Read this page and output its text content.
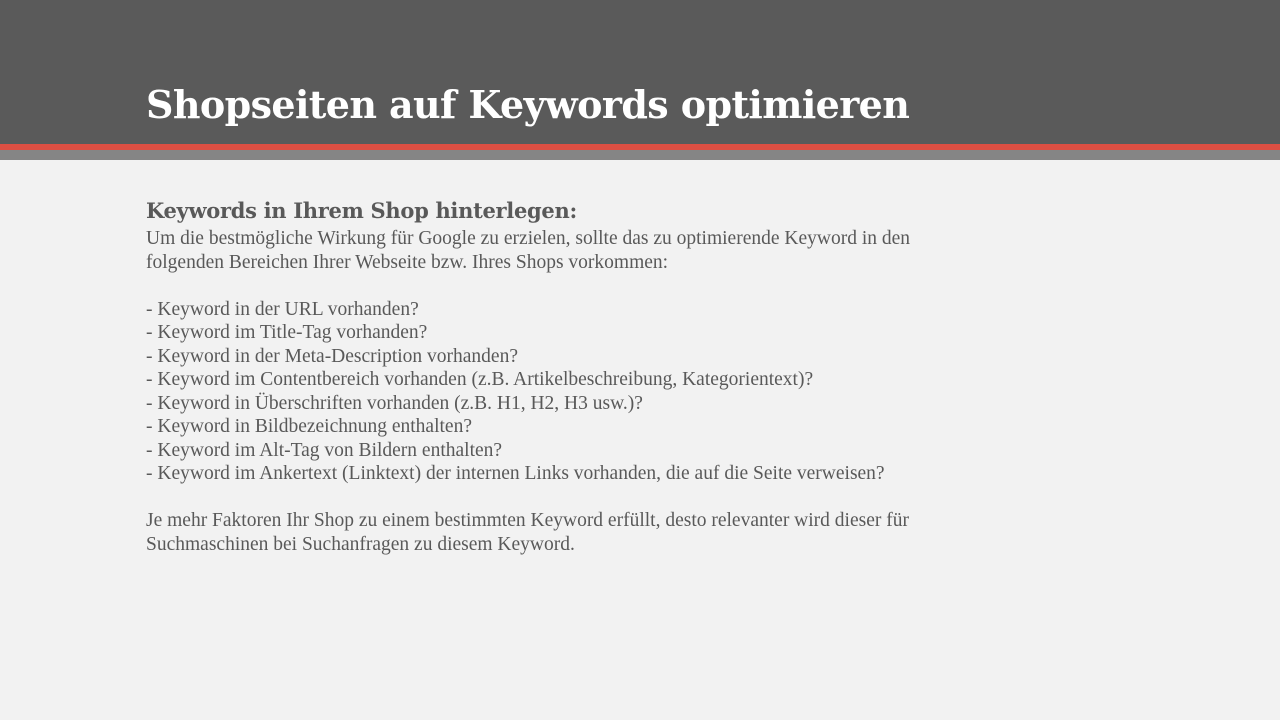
Shopseiten auf Keywords optimieren
Keywords in Ihrem Shop hinterlegen:

Um die bestmögliche Wirkung für Google zu erzielen, sollte das zu optimierende Keyword in den

folgenden Bereichen Ihrer Webseite bzw. Ihres Shops vorkommen:

- Keyword in der URL vorhanden?
- Keyword im Title-Tag vorhanden?
- Keyword in der Meta-Description vorhanden?
- Keyword im Contentbereich vorhanden (z.B. Artikelbeschreibung, Kategorientext)?
- Keyword in Überschriften vorhanden (z.B. H1, H2, H3 usw.)?
- Keyword in Bildbezeichnung enthalten?
- Keyword im Alt-Tag von Bildern enthalten?
- Keyword im Ankertext (Linktext) der internen Links vorhanden, die auf die Seite verweisen?

Je mehr Faktoren Ihr Shop zu einem bestimmten Keyword erfüllt, desto relevanter wird dieser für

Suchmaschinen bei Suchanfragen zu diesem Keyword.
